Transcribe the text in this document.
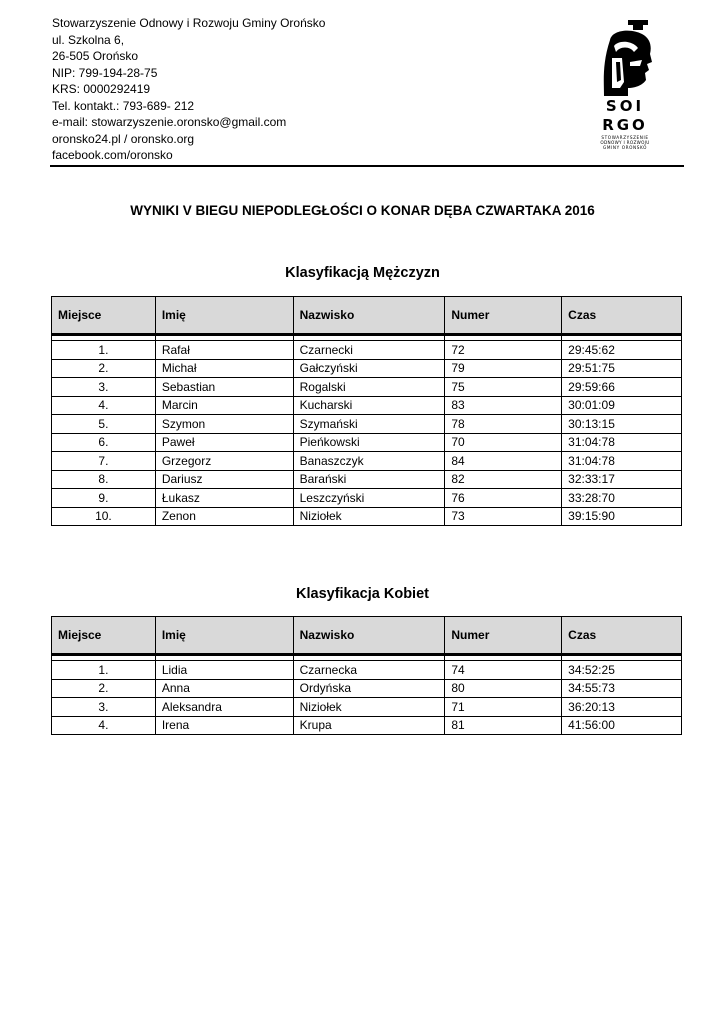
Stowarzyszenie Odnowy i Rozwoju Gminy Orońsko
ul. Szkolna 6,
26-505 Orońsko
NIP: 799-194-28-75
KRS: 0000292419
Tel. kontakt.: 793-689- 212
e-mail: stowarzyszenie.oronsko@gmail.com
oronsko24.pl / oronsko.org
facebook.com/oronsko
SOI
RGO
STOWARZYSZENIE
ODNOWY I ROZWOJU
GMINY ORONSKO
WYNIKI V BIEGU NIEPODLEGŁOŚCI O KONAR DĘBA CZWARTAKA 2016
Klasyfikacją Mężczyzn
Miejsce	Imię	Nazwisko	Numer	Czas

1.	Rafał	Czarnecki	72	29:45:62
2.	Michał	Gałczyński	79	29:51:75
3.	Sebastian	Rogalski	75	29:59:66
4.	Marcin	Kucharski	83	30:01:09
5.	Szymon	Szymański	78	30:13:15
6.	Paweł	Pieńkowski	70	31:04:78
7.	Grzegorz	Banaszczyk	84	31:04:78
8.	Dariusz	Barański	82	32:33:17
9.	Łukasz	Leszczyński	76	33:28:70
10.	Zenon	Niziołek	73	39:15:90
Klasyfikacja Kobiet
Miejsce	Imię	Nazwisko	Numer	Czas

1.	Lidia	Czarnecka	74	34:52:25
2.	Anna	Ordyńska	80	34:55:73
3.	Aleksandra	Niziołek	71	36:20:13
4.	Irena	Krupa	81	41:56:00
